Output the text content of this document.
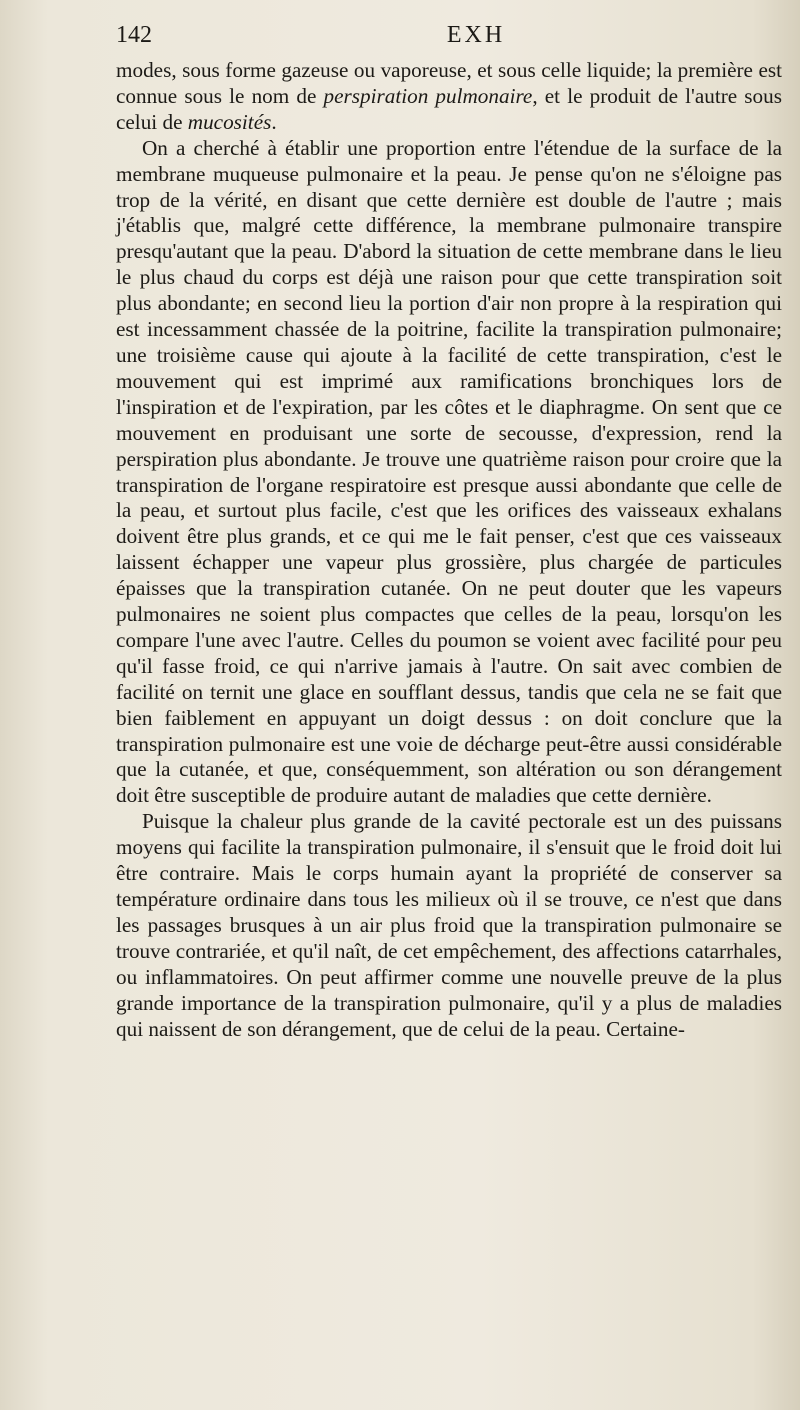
142	EXH

modes, sous forme gazeuse ou vaporeuse, et sous celle liquide; la première est connue sous le nom de perspiration pulmonaire, et le produit de l'autre sous celui de mucosités.

On a cherché à établir une proportion entre l'étendue de la surface de la membrane muqueuse pulmonaire et la peau. Je pense qu'on ne s'éloigne pas trop de la vérité, en disant que cette dernière est double de l'autre ; mais j'établis que, malgré cette différence, la membrane pulmonaire transpire presqu'autant que la peau. D'abord la situation de cette membrane dans le lieu le plus chaud du corps est déjà une raison pour que cette transpiration soit plus abondante; en second lieu la portion d'air non propre à la respiration qui est incessamment chassée de la poitrine, facilite la transpiration pulmonaire; une troisième cause qui ajoute à la facilité de cette transpiration, c'est le mouvement qui est imprimé aux ramifications bronchiques lors de l'inspiration et de l'expiration, par les côtes et le diaphragme. On sent que ce mouvement en produisant une sorte de secousse, d'expression, rend la perspiration plus abondante. Je trouve une quatrième raison pour croire que la transpiration de l'organe respiratoire est presque aussi abondante que celle de la peau, et surtout plus facile, c'est que les orifices des vaisseaux exhalans doivent être plus grands, et ce qui me le fait penser, c'est que ces vaisseaux laissent échapper une vapeur plus grossière, plus chargée de particules épaisses que la transpiration cutanée. On ne peut douter que les vapeurs pulmonaires ne soient plus compactes que celles de la peau, lorsqu'on les compare l'une avec l'autre. Celles du poumon se voient avec facilité pour peu qu'il fasse froid, ce qui n'arrive jamais à l'autre. On sait avec combien de facilité on ternit une glace en soufflant dessus, tandis que cela ne se fait que bien faiblement en appuyant un doigt dessus : on doit conclure que la transpiration pulmonaire est une voie de décharge peut-être aussi considérable que la cutanée, et que, conséquemment, son altération ou son dérangement doit être susceptible de produire autant de maladies que cette dernière.

Puisque la chaleur plus grande de la cavité pectorale est un des puissans moyens qui facilite la transpiration pulmonaire, il s'ensuit que le froid doit lui être contraire. Mais le corps humain ayant la propriété de conserver sa température ordinaire dans tous les milieux où il se trouve, ce n'est que dans les passages brusques à un air plus froid que la transpiration pulmonaire se trouve contrariée, et qu'il naît, de cet empêchement, des affections catarrhales, ou inflammatoires. On peut affirmer comme une nouvelle preuve de la plus grande importance de la transpiration pulmonaire, qu'il y a plus de maladies qui naissent de son dérangement, que de celui de la peau. Certaine-
